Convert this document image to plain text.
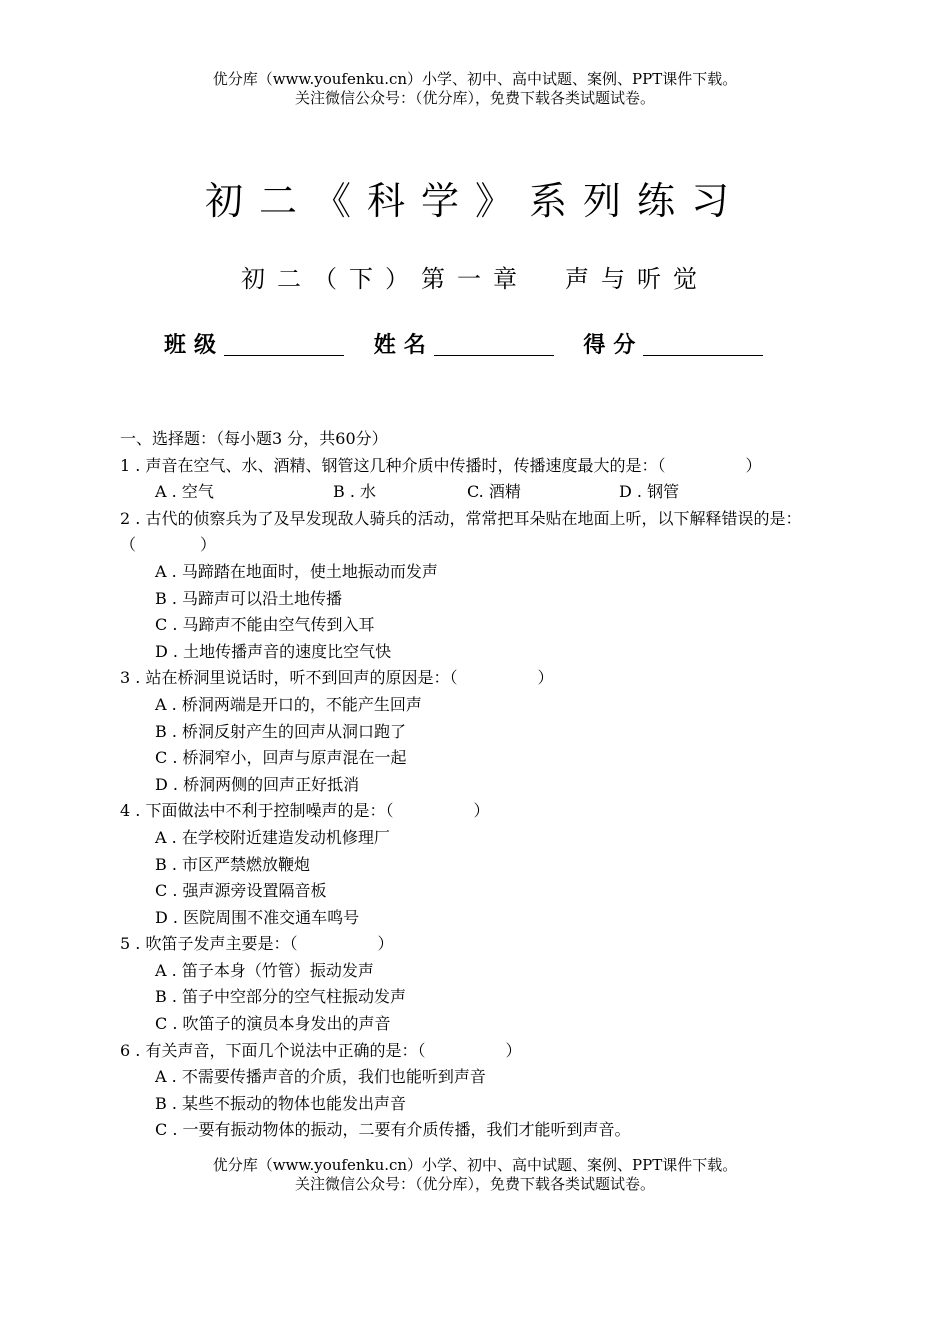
优分库（www.youfenku.cn）小学、初中、高中试题、案例、PPT课件下载。
关注微信公众号：（优分库），免费下载各类试题试卷。
初二《科学》系列练习
初二（下）第一章　声与听觉
班级	姓名	得分
一、选择题：（每小题3 分，共60分）
1 . 声音在空气、水、酒精、钢管这几种介质中传播时，传播速度最大的是：（　　　　　）
A . 空气	B . 水	C. 酒精	D . 钢管
2 . 古代的侦察兵为了及早发现敌人骑兵的活动，常常把耳朵贴在地面上听，以下解释错误的是：（　　　　）
A . 马蹄踏在地面时，使土地振动而发声
B . 马蹄声可以沿土地传播
C . 马蹄声不能由空气传到入耳
D . 土地传播声音的速度比空气快
3 . 站在桥洞里说话时，听不到回声的原因是：（　　　　　）
A . 桥洞两端是开口的，不能产生回声
B . 桥洞反射产生的回声从洞口跑了
C . 桥洞窄小，回声与原声混在一起
D . 桥洞两侧的回声正好抵消
4 . 下面做法中不利于控制噪声的是：（　　　　　）
A . 在学校附近建造发动机修理厂
B . 市区严禁燃放鞭炮
C . 强声源旁设置隔音板
D . 医院周围不准交通车鸣号
5 . 吹笛子发声主要是：（　　　　　）
A . 笛子本身（竹管）振动发声
B . 笛子中空部分的空气柱振动发声
C . 吹笛子的演员本身发出的声音
6 . 有关声音，下面几个说法中正确的是：（　　　　　）
A . 不需要传播声音的介质，我们也能听到声音
B . 某些不振动的物体也能发出声音
C . 一要有振动物体的振动，二要有介质传播，我们才能听到声音。
优分库（www.youfenku.cn）小学、初中、高中试题、案例、PPT课件下载。
关注微信公众号：（优分库），免费下载各类试题试卷。
